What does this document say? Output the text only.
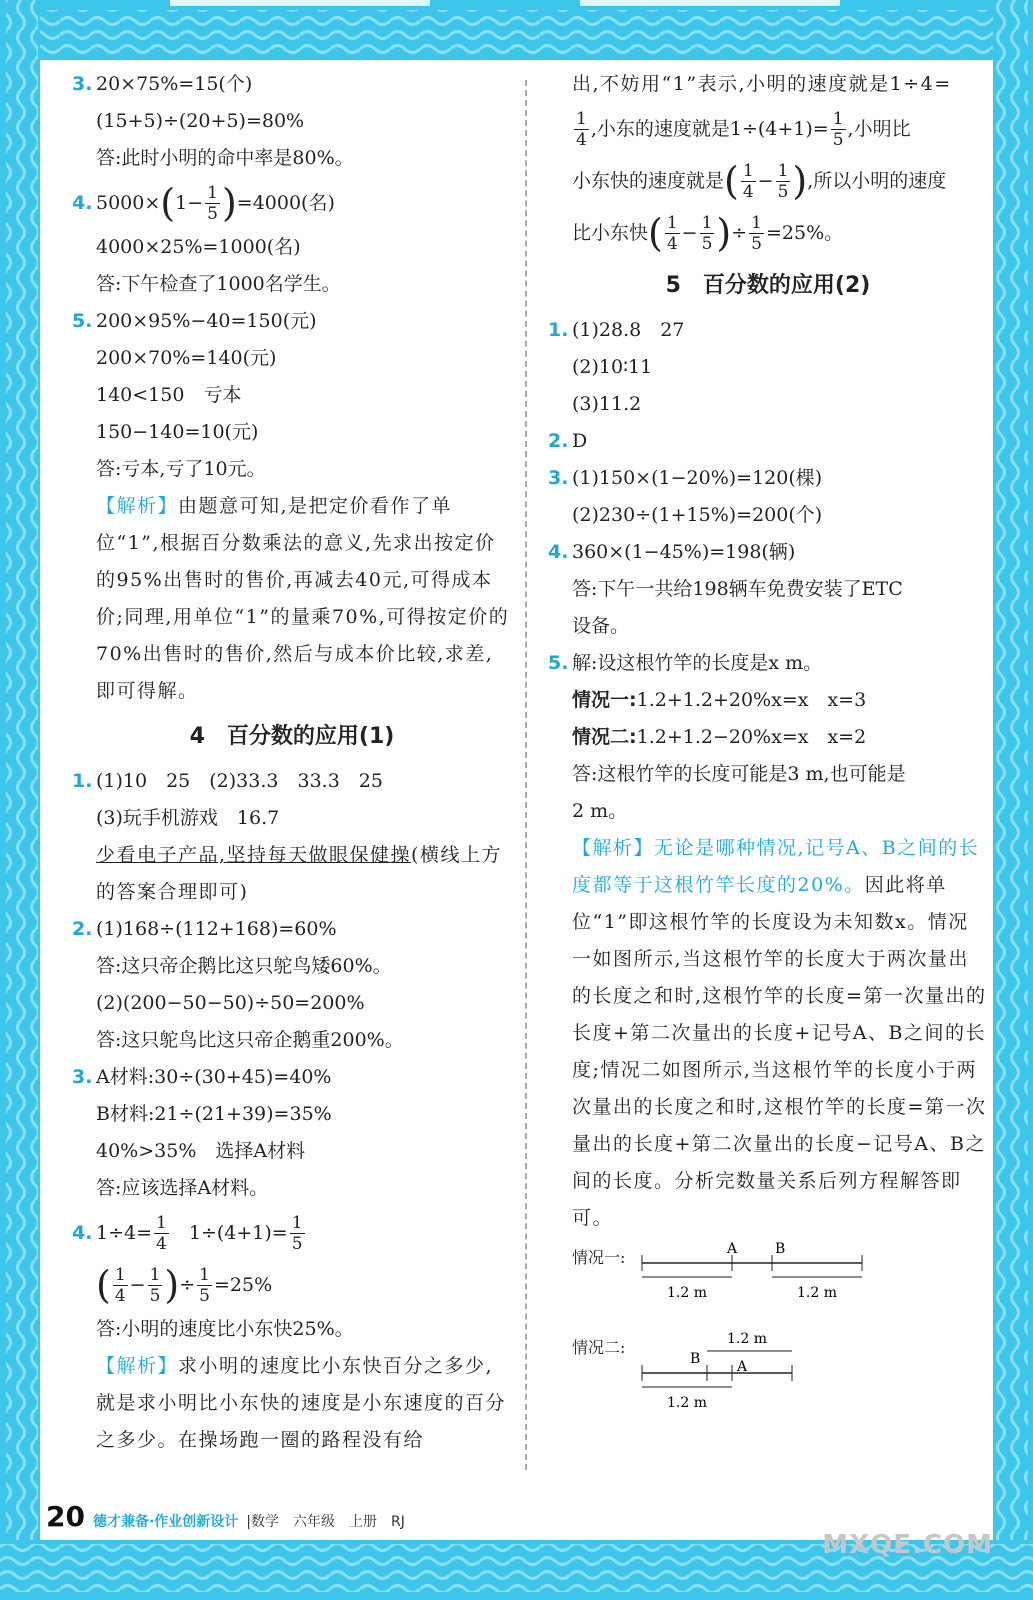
3. 20×75%=15(个)
(15+5)÷(20+5)=80%
答:此时小明的命中率是80%。
4. 5000× ( $1- \frac{1}{5}$ ) =4000(名)
4000×25%=1000(名)
答:下午检查了1000名学生。
5. 200×95%−40=150(元)
200×70%=140(元)
140<150　亏本
150−140=10(元)
答:亏本,亏了10元。
【解析】由题意可知,是把定价看作了单位“1”,根据百分数乘法的意义,先求出按定价的95%出售时的售价,再减去40元,可得成本价;同理,用单位“1”的量乘70%,可得按定价的70%出售时的售价,然后与成本价比较,求差,即可得解。
4　百分数的应用(1)
1. (1)10　25　(2)33.3　33.3　25
(3)玩手机游戏　16.7
少看电子产品,坚持每天做眼保健操(横线上方的答案合理即可)
2. (1)168÷(112+168)=60%
答:这只帝企鹅比这只鸵鸟矮60%。
(2)(200−50−50)÷50=200%
答:这只鸵鸟比这只帝企鹅重200%。
3. A材料:30÷(30+45)=40%
B材料:21÷(21+39)=35%
40%>35%　选择A材料
答:应该选择A材料。
4. $1\div 4= \frac{1}{4} 1\div(4+1)= \frac{1}{5}$
( $\frac{1}{4} - \frac{1}{5}$ ) ÷ $\frac{1}{5} =25\%$
答:小明的速度比小东快25%。
【解析】求小明的速度比小东快百分之多少,就是求小明比小东快的速度是小东速度的百分之多少。在操场跑一圈的路程没有给
出,不妨用“1”表示,小明的速度就是1÷4=
$\frac{1}{4}$ ,小东的速度就是$1\div(4+1)= \frac{1}{5}$ ,小明比
小东快的速度就是 ( $\frac{1}{4} - \frac{1}{5}$ ) ,所以小明的速度
比小东快 ( $\frac{1}{4} - \frac{1}{5}$ ) ÷ $\frac{1}{5} =25\%$。
5　百分数的应用(2)
1. (1)28.8　27
(2)10∶11
(3)11.2
2. D
3. (1)150×(1−20%)=120(棵)
(2)230÷(1+15%)=200(个)
4. 360×(1−45%)=198(辆)
答:下午一共给198辆车免费安装了ETC
设备。
5. 解:设这根竹竿的长度是x m。
情况一:1.2+1.2+20%x=x　x=3
情况二:1.2+1.2−20%x=x　x=2
答:这根竹竿的长度可能是3 m,也可能是
2 m。
【解析】无论是哪种情况,记号A、B之间的长度都等于这根竹竿长度的20%。因此将单位“1”即这根竹竿的长度设为未知数x。情况一如图所示,当这根竹竿的长度大于两次量出的长度之和时,这根竹竿的长度=第一次量出的长度+第二次量出的长度+记号A、B之间的长度;情况二如图所示,当这根竹竿的长度小于两次量出的长度之和时,这根竹竿的长度=第一次量出的长度+第二次量出的长度−记号A、B之间的长度。分析完数量关系后列方程解答即可。
情况一:	A	B
1.2 m	1.2 m
情况二:	1.2 m
B	A
1.2 m
20 德才兼备·作业创新设计 |数学　六年级　上册　RJ
MXQE.COM
